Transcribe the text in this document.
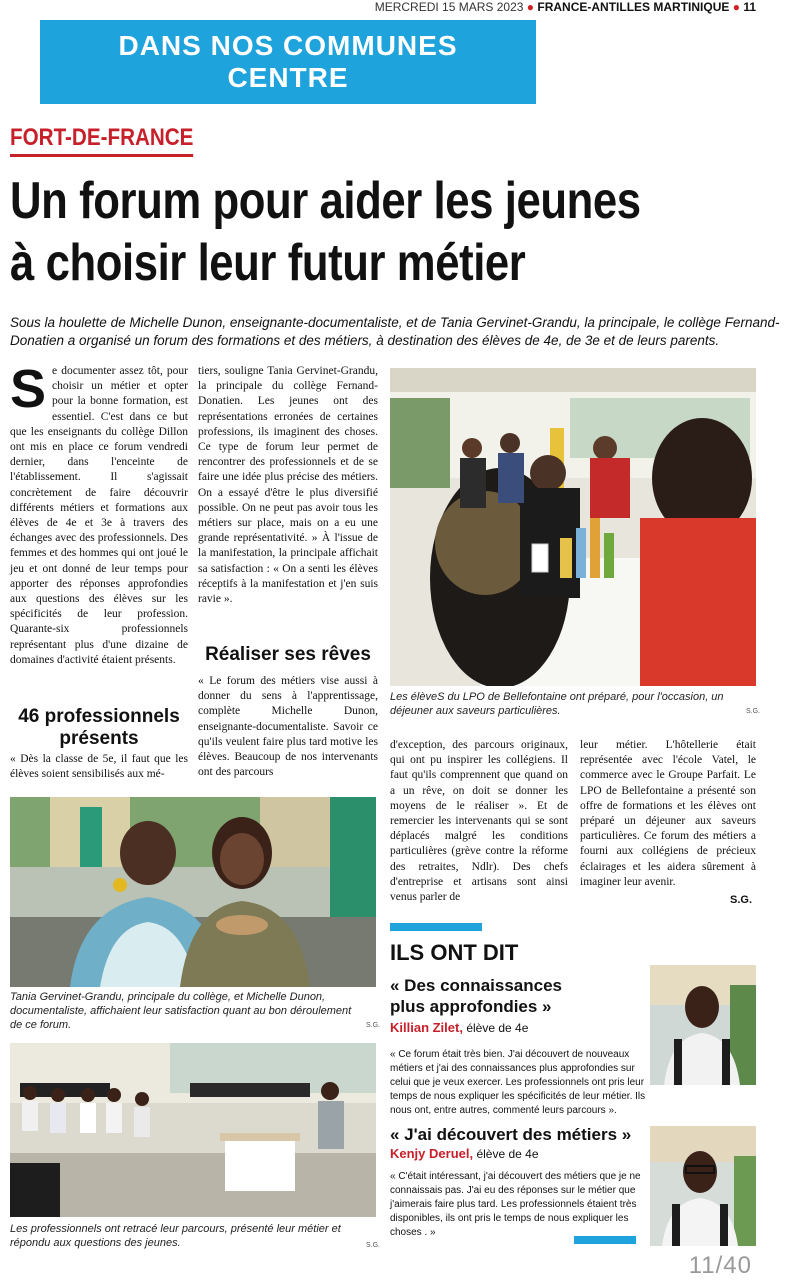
MERCREDI 15 MARS 2023 ● FRANCE-ANTILLES MARTINIQUE ● 11
DANS NOS COMMUNES
CENTRE
FORT-DE-FRANCE
Un forum pour aider les jeunes
à choisir leur futur métier
Sous la houlette de Michelle Dunon, enseignante-documentaliste, et de Tania Gervinet-Grandu, la principale, le collège Fernand-Donatien a organisé un forum des formations et des métiers, à destination des élèves de 4e, de 3e et de leurs parents.
S e documenter assez tôt, pour choisir un métier et opter pour la bonne formation, est essentiel. C'est dans ce but que les enseignants du collège Dillon ont mis en place ce forum vendredi dernier, dans l'enceinte de l'établissement. Il s'agissait concrètement de faire découvrir différents métiers et formations aux élèves de 4e et 3e à travers des échanges avec des professionnels. Des femmes et des hommes qui ont joué le jeu et ont donné de leur temps pour apporter des réponses approfondies aux questions des élèves sur les spécificités de leur profession. Quarante-six professionnels représentant plus d'une dizaine de domaines d'activité étaient présents.
46 professionnels présents
« Dès la classe de 5e, il faut que les élèves soient sensibilisés aux mé-
tiers, souligne Tania Gervinet-Grandu, la principale du collège Fernand-Donatien. Les jeunes ont des représentations erronées de certaines professions, ils imaginent des choses. Ce type de forum leur permet de rencontrer des professionnels et de se faire une idée plus précise des métiers. On a essayé d'être le plus diversifié possible. On ne peut pas avoir tous les métiers sur place, mais on a eu une grande représentativité. » À l'issue de la manifestation, la principale affichait sa satisfaction : « On a senti les élèves réceptifs à la manifestation et j'en suis ravie ».
Réaliser ses rêves
« Le forum des métiers vise aussi à donner du sens à l'apprentissage, complète Michelle Dunon, enseignante-documentaliste. Savoir ce qu'ils veulent faire plus tard motive les élèves. Beaucoup de nos intervenants ont des parcours
Les élèveS du LPO de Bellefontaine ont préparé, pour l'occasion, un déjeuner aux saveurs particulières.	S.G.
d'exception, des parcours originaux, qui ont pu inspirer les collégiens. Il faut qu'ils comprennent que quand on a un rêve, on doit se donner les moyens de le réaliser ». Et de remercier les intervenants qui se sont déplacés malgré les conditions particulières (grève contre la réforme des retraites, Ndlr). Des chefs d'entreprise et artisans sont ainsi venus parler de
leur métier. L'hôtellerie était représentée avec l'école Vatel, le commerce avec le Groupe Parfait. Le LPO de Bellefontaine a présenté son offre de formations et les élèves ont préparé un déjeuner aux saveurs particulières. Ce forum des métiers a fourni aux collégiens de précieux éclairages et les aidera sûrement à imaginer leur avenir.
S.G.
Tania Gervinet-Grandu, principale du collège, et Michelle Dunon, documentaliste, affichaient leur satisfaction quant au bon déroulement de ce forum.	S.G.
Les professionnels ont retracé leur parcours, présenté leur métier et répondu aux questions des jeunes.	S.G.
ILS ONT DIT
« Des connaissances plus approfondies »
Killian Zilet, élève de 4e
« Ce forum était très bien. J'ai découvert de nouveaux métiers et j'ai des connaissances plus approfondies sur celui que je veux exercer. Les professionnels ont pris leur temps de nous expliquer les spécificités de leur métier. Ils nous ont, entre autres, commenté leurs parcours ».
« J'ai découvert des métiers »
Kenjy Deruel, élève de 4e
« C'était intéressant, j'ai découvert des métiers que je ne connaissais pas. J'ai eu des réponses sur le métier que j'aimerais faire plus tard. Les professionnels étaient très disponibles, ils ont pris le temps de nous expliquer les choses . »
11/40
